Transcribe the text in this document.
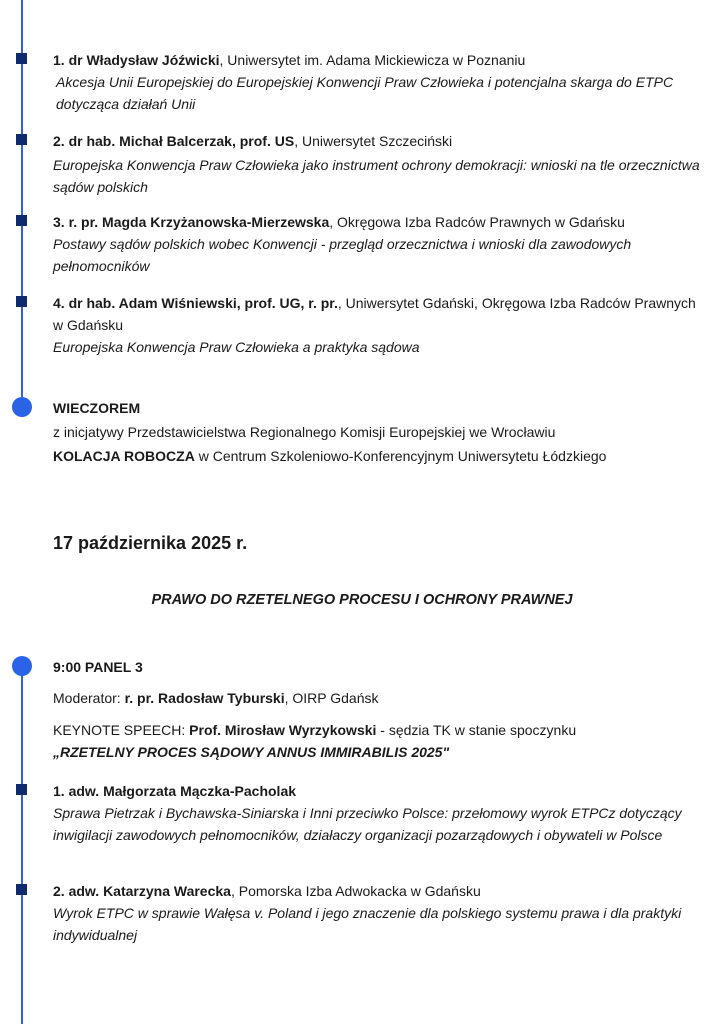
1. dr Władysław Jóźwicki, Uniwersytet im. Adama Mickiewicza w Poznaniu

Akcesja Unii Europejskiej do Europejskiej Konwencji Praw Człowieka i potencjalna skarga do ETPC dotycząca działań Unii

2. dr hab. Michał Balcerzak, prof. US, Uniwersytet Szczeciński

Europejska Konwencja Praw Człowieka jako instrument ochrony demokracji: wnioski na tle orzecznictwa sądów polskich

3. r. pr. Magda Krzyżanowska-Mierzewska, Okręgowa Izba Radców Prawnych w Gdańsku

Postawy sądów polskich wobec Konwencji - przegląd orzecznictwa i wnioski dla zawodowych pełnomocników

4. dr hab. Adam Wiśniewski, prof. UG, r. pr., Uniwersytet Gdański, Okręgowa Izba Radców Prawnych w Gdańsku

Europejska Konwencja Praw Człowieka a praktyka sądowa

WIECZOREM

z inicjatywy Przedstawicielstwa Regionalnego Komisji Europejskiej we Wrocławiu

KOLACJA ROBOCZA w Centrum Szkoleniowo-Konferencyjnym Uniwersytetu Łódzkiego

17 października 2025 r.
PRAWO DO RZETELNEGO PROCESU I OCHRONY PRAWNEJ

9:00 PANEL 3

Moderator: r. pr. Radosław Tyburski, OIRP Gdańsk

KEYNOTE SPEECH: Prof. Mirosław Wyrzykowski - sędzia TK w stanie spoczynku

„RZETELNY PROCES SĄDOWY ANNUS IMMIRABILIS 2025"

1. adw. Małgorzata Mączka-Pacholak

Sprawa Pietrzak i Bychawska-Siniarska i Inni przeciwko Polsce: przełomowy wyrok ETPCz dotyczący inwigilacji zawodowych pełnomocników, działaczy organizacji pozarządowych i obywateli w Polsce

2. adw. Katarzyna Warecka, Pomorska Izba Adwokacka w Gdańsku

Wyrok ETPC w sprawie Wałęsa v. Poland i jego znaczenie dla polskiego systemu prawa i dla praktyki indywidualnej
